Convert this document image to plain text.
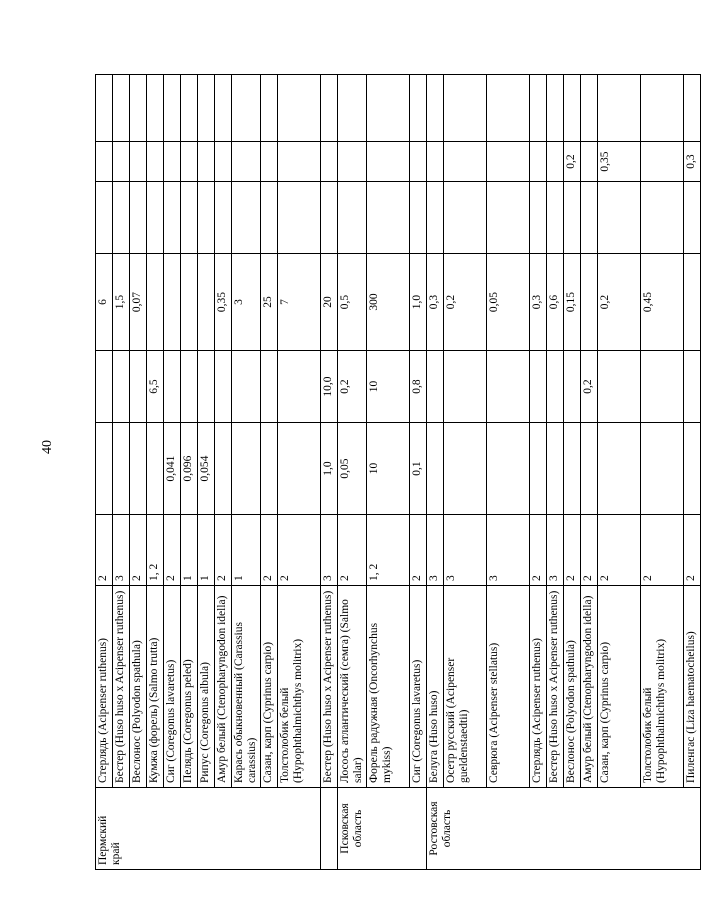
40
Пермский край	Стерлядь (Acipenser ruthenus)	2			6			
	Бестер (Huso huso x Acipenser ruthenus)	3			1,5			
	Веслонос (Polyodon spathula)	2			0,07			
	Кумжа (форель) (Salmo trutta)	1, 2		6,5				
	Сиг (Coregonus lavaretus)	2	0,041					
	Пелядь (Coregonus peled)	1	0,096					
	Рипус (Coregonus albula)	1	0,054					
	Амур белый (Ctenopharyngodon idella)	2			0,35			
	Карась обыкновенный (Carassius carassius)	1			3			
	Сазан, карп (Cyprinus carpio)	2			25			
	Толстолобик белый (Hypophthalmichthys molitrix)	2			7			
	Бестер (Huso huso x Acipenser ruthenus)	3	1,0	10,0	20			
Псковская область	Лосось атлантический (семга) (Salmo salar)	2	0,05	0,2	0,5			
	Форель радужная (Oncorhynchus mykiss)	1, 2	10	10	300			
	Сиг (Coregonus lavaretus)	2	0,1	0,8	1,0			
Ростовская область	Белуга (Huso huso)	3			0,3			
	Осетр русский (Acipenser gueldenstaedtii)	3			0,2			
	Севрюга (Acipenser stellatus)	3			0,05			
	Стерлядь (Acipenser ruthenus)	2			0,3			
	Бестер (Huso huso x Acipenser ruthenus)	3			0,6			
	Веслонос (Polyodon spathula)	2			0,15		0,2	
	Амур белый (Ctenopharyngodon idella)	2		0,2				
	Сазан, карп (Cyprinus carpio)	2			0,2		0,35	
	Толстолобик белый (Hypophthalmichthys molitrix)	2			0,45			
	Пиленгас (Liza haematocheilus)	2					0,3	
